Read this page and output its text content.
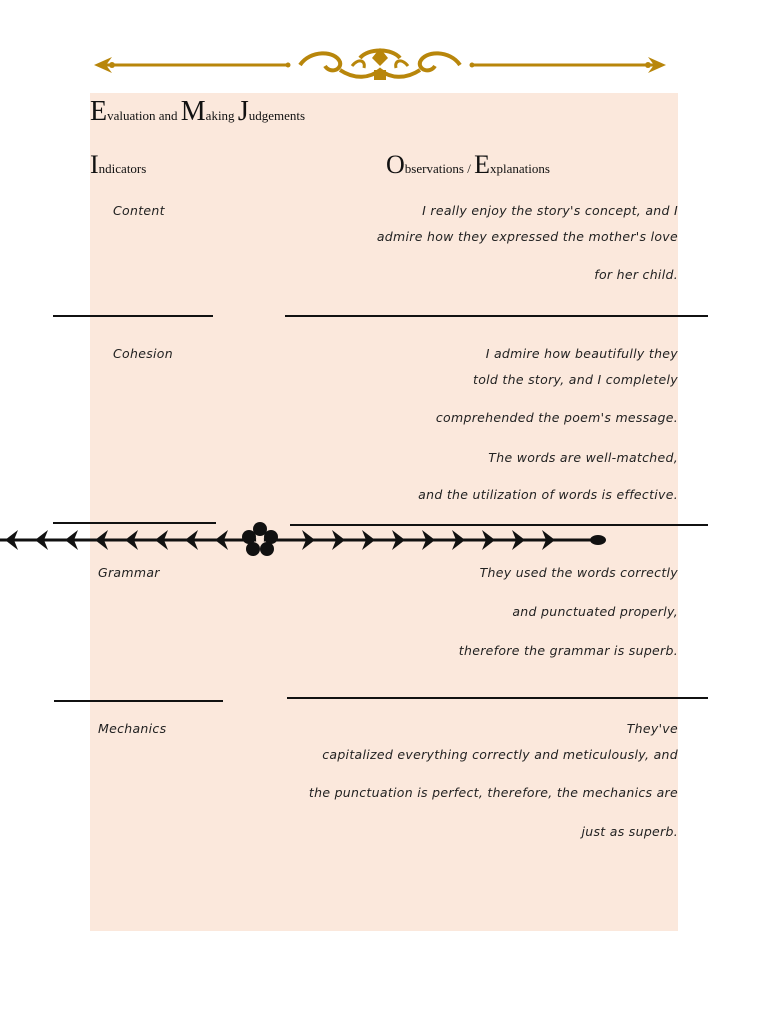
Evaluation and Making Judgements
Indicators	Observations / Explanations
Content	I really enjoy the story's concept, and I
admire how they expressed the mother's love
for her child.
Cohesion	I admire how beautifully they
told the story, and I completely
comprehended the poem's message.
The words are well-matched,
and the utilization of words is effective.
Grammar	They used the words correctly
and punctuated properly,
therefore the grammar is superb.
Mechanics	They've
capitalized everything correctly and meticulously, and
the punctuation is perfect, therefore, the mechanics are
just as superb.
